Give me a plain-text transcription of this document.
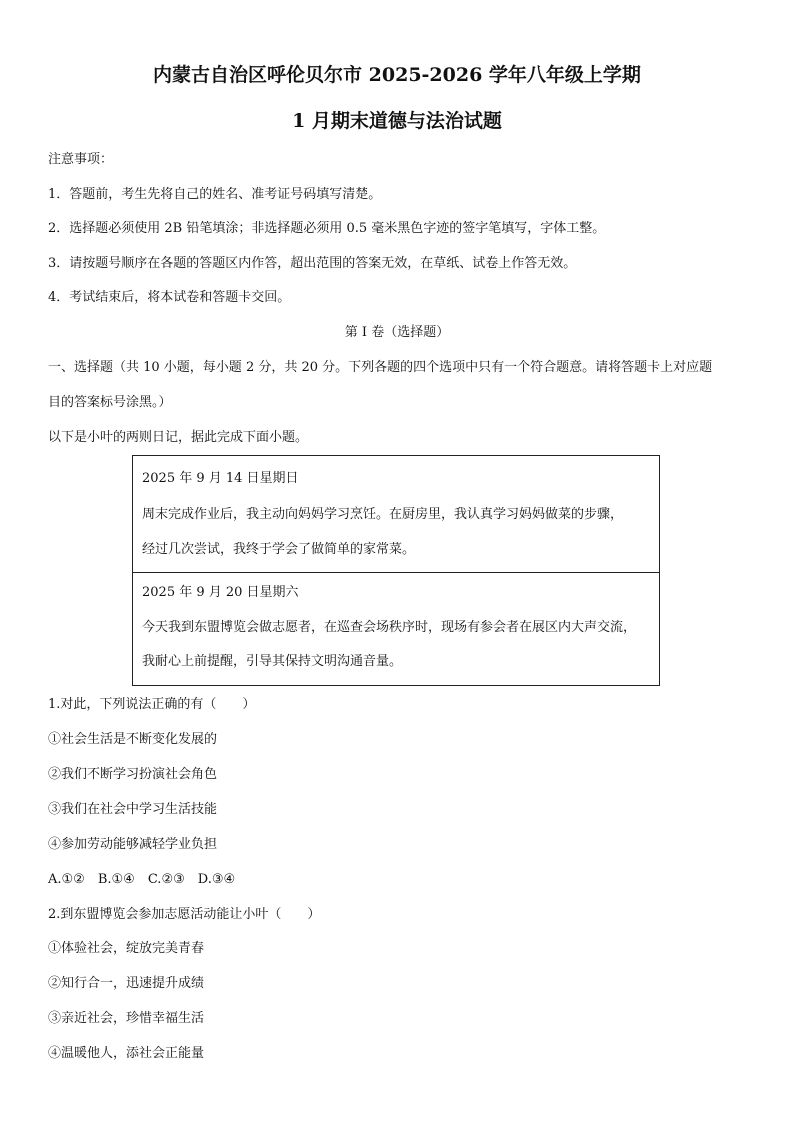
内蒙古自治区呼伦贝尔市 2025-2026 学年八年级上学期
1 月期末道德与法治试题
注意事项：
1．答题前，考生先将自己的姓名、准考证号码填写清楚。
2．选择题必须使用 2B 铅笔填涂；非选择题必须用 0.5 毫米黑色字迹的签字笔填写，字体工整。
3．请按题号顺序在各题的答题区内作答，超出范围的答案无效，在草纸、试卷上作答无效。
4．考试结束后，将本试卷和答题卡交回。
第 I 卷（选择题）
一、选择题（共 10 小题，每小题 2 分，共 20 分。下列各题的四个选项中只有一个符合题意。请将答题卡上对应题
目的答案标号涂黑。）
以下是小叶的两则日记，据此完成下面小题。
2025 年 9 月 14 日星期日
周末完成作业后，我主动向妈妈学习烹饪。在厨房里，我认真学习妈妈做菜的步骤，
经过几次尝试，我终于学会了做简单的家常菜。
2025 年 9 月 20 日星期六
今天我到东盟博览会做志愿者，在巡查会场秩序时，现场有参会者在展区内大声交流，
我耐心上前提醒，引导其保持文明沟通音量。
1.对此，下列说法正确的有（　　）
①社会生活是不断变化发展的
②我们不断学习扮演社会角色
③我们在社会中学习生活技能
④参加劳动能够减轻学业负担
A.①②　B.①④　C.②③　D.③④
2.到东盟博览会参加志愿活动能让小叶（　　）
①体验社会，绽放完美青春
②知行合一，迅速提升成绩
③亲近社会，珍惜幸福生活
④温暖他人，添社会正能量
